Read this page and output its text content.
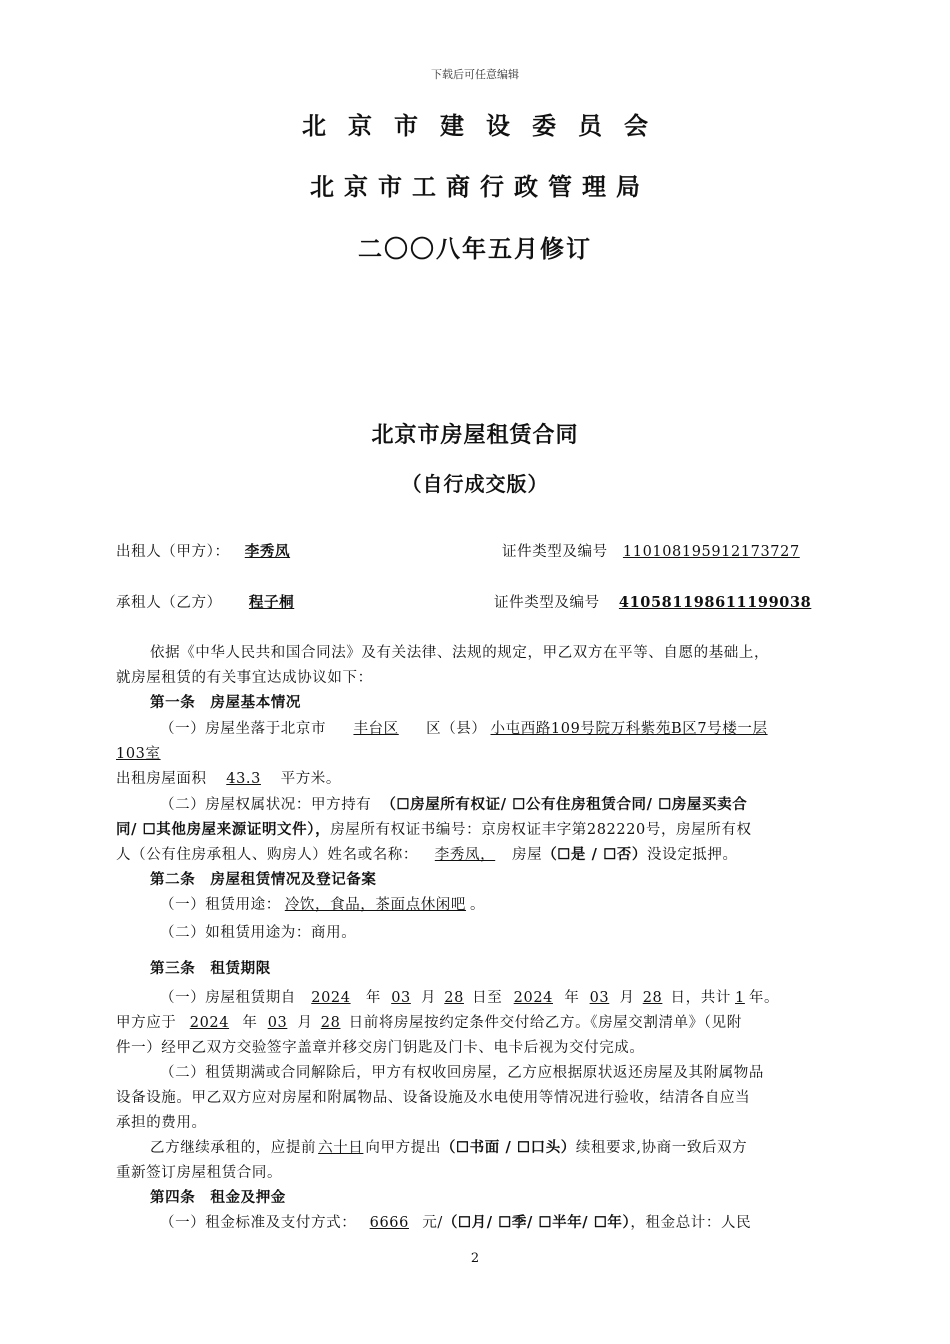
下载后可任意编辑
北京市建设委员会
北京市工商行政管理局
二〇〇八年五月修订
北京市房屋租赁合同
（自行成交版）
出租人（甲方）： 李秀凤	证件类型及编号 110108195912173727
承租人（乙方） 程子桐	证件类型及编号 410581198611199038
依据《中华人民共和国合同法》及有关法律、法规的规定，甲乙双方在平等、自愿的基础上，
就房屋租赁的有关事宜达成协议如下：
第一条　房屋基本情况
（一）房屋坐落于北京市 丰台区 区（县） 小屯西路109号院万科紫苑B区7号楼一层
103室
出租房屋面积 43.3 平方米。
（二）房屋权属状况：甲方持有 （☐房屋所有权证/ ☐公有住房租赁合同/ ☐房屋买卖合
同/ ☐其他房屋来源证明文件），房屋所有权证书编号：京房权证丰字第282220号，房屋所有权
人（公有住房承租人、购房人）姓名或名称： 李秀凤， 房屋（☐是 / ☐否）没设定抵押。
第二条　房屋租赁情况及登记备案
（一）租赁用途： 冷饮，食品，茶面点休闲吧 。
（二）如租赁用途为：商用。
第三条　租赁期限
（一）房屋租赁期自 2024 年 03 月 28 日至 2024 年 03 月 28 日，共计 1 年。
甲方应于 2024 年 03 月 28 日前将房屋按约定条件交付给乙方。《房屋交割清单》（见附
件一）经甲乙双方交验签字盖章并移交房门钥匙及门卡、电卡后视为交付完成。
（二）租赁期满或合同解除后，甲方有权收回房屋，乙方应根据原状返还房屋及其附属物品
设备设施。甲乙双方应对房屋和附属物品、设备设施及水电使用等情况进行验收，结清各自应当
承担的费用。
乙方继续承租的，应提前 六十日 向甲方提出（☐书面 / ☐口头）续租要求,协商一致后双方
重新签订房屋租赁合同。
第四条　租金及押金
（一）租金标准及支付方式： 6666 元/（☐月/ ☐季/ ☐半年/ ☐年），租金总计：人民
2
